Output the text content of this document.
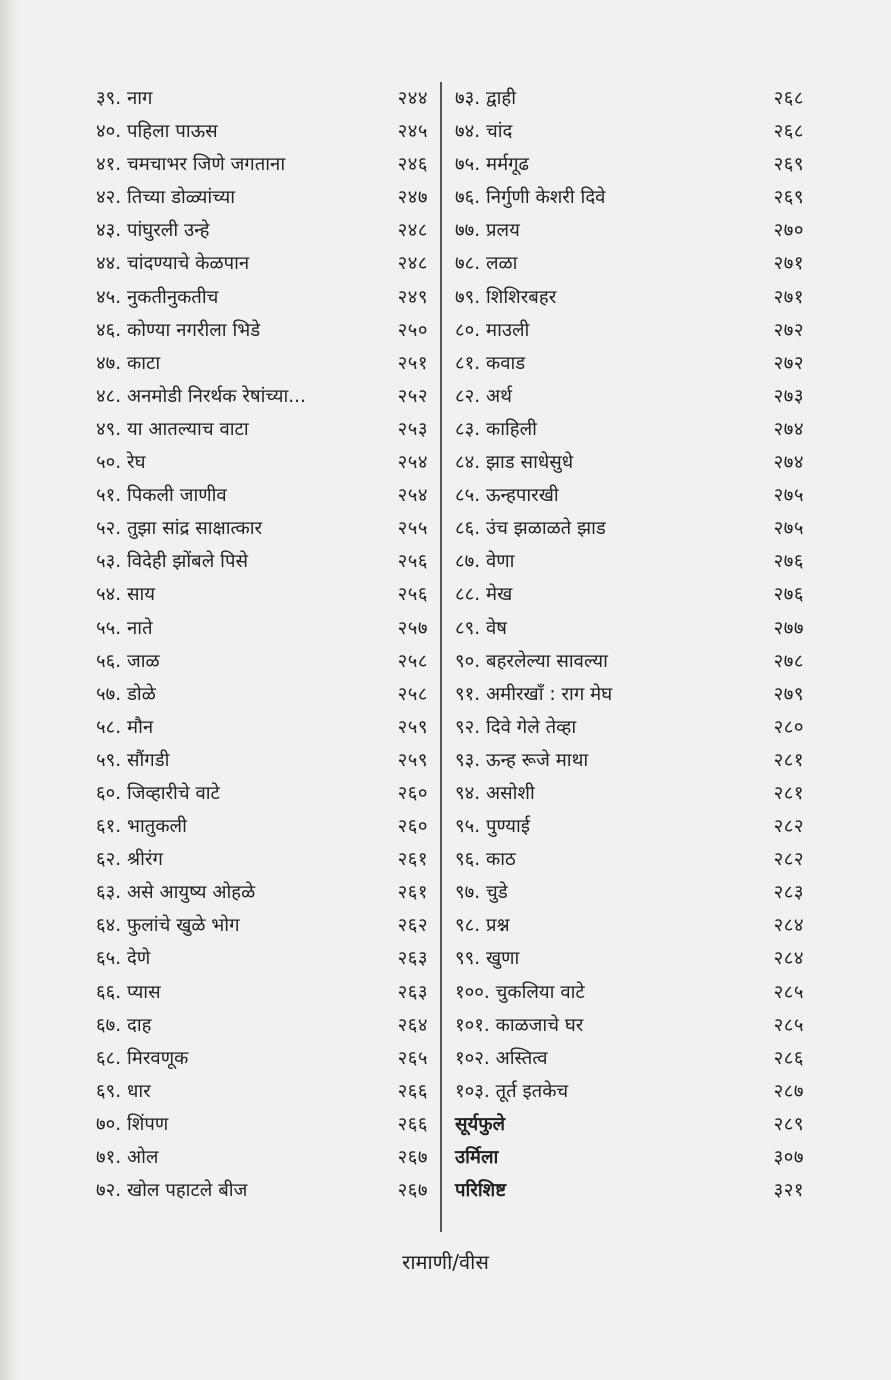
३९. नाग	२४४
४०. पहिला पाऊस	२४५
४१. चमचाभर जिणे जगताना	२४६
४२. तिच्या डोळ्यांच्या	२४७
४३. पांघुरली उन्हे	२४८
४४. चांदण्याचे केळपान	२४८
४५. नुकतीनुकतीच	२४९
४६. कोण्या नगरीला भिडे	२५०
४७. काटा	२५१
४८. अनमोडी निरर्थक रेषांच्या...	२५२
४९. या आतल्याच वाटा	२५३
५०. रेघ	२५४
५१. पिकली जाणीव	२५४
५२. तुझा सांद्र साक्षात्कार	२५५
५३. विदेही झोंबले पिसे	२५६
५४. साय	२५६
५५. नाते	२५७
५६. जाळ	२५८
५७. डोळे	२५८
५८. मौन	२५९
५९. सौंगडी	२५९
६०. जिव्हारीचे वाटे	२६०
६१. भातुकली	२६०
६२. श्रीरंग	२६१
६३. असे आयुष्य ओहळे	२६१
६४. फुलांचे खुळे भोग	२६२
६५. देणे	२६३
६६. प्यास	२६३
६७. दाह	२६४
६८. मिरवणूक	२६५
६९. धार	२६६
७०. शिंपण	२६६
७१. ओल	२६७
७२. खोल पहाटले बीज	२६७
७३. द्वाही	२६८
७४. चांद	२६८
७५. मर्मगूढ	२६९
७६. निर्गुणी केशरी दिवे	२६९
७७. प्रलय	२७०
७८. लळा	२७१
७९. शिशिरबहर	२७१
८०. माउली	२७२
८१. कवाड	२७२
८२. अर्थ	२७३
८३. काहिली	२७४
८४. झाड साधेसुधे	२७४
८५. ऊन्हपारखी	२७५
८६. उंच झळाळते झाड	२७५
८७. वेणा	२७६
८८. मेख	२७६
८९. वेष	२७७
९०. बहरलेल्या सावल्या	२७८
९१. अमीरखाँ : राग मेघ	२७९
९२. दिवे गेले तेव्हा	२८०
९३. ऊन्ह रूजे माथा	२८१
९४. असोशी	२८१
९५. पुण्याई	२८२
९६. काठ	२८२
९७. चुडे	२८३
९८. प्रश्न	२८४
९९. खुणा	२८४
१००. चुकलिया वाटे	२८५
१०१. काळजाचे घर	२८५
१०२. अस्तित्व	२८६
१०३. तूर्त इतकेच	२८७
सूर्यफुले	२८९
उर्मिला	३०७
परिशिष्ट	३२१
रामाणी/वीस
